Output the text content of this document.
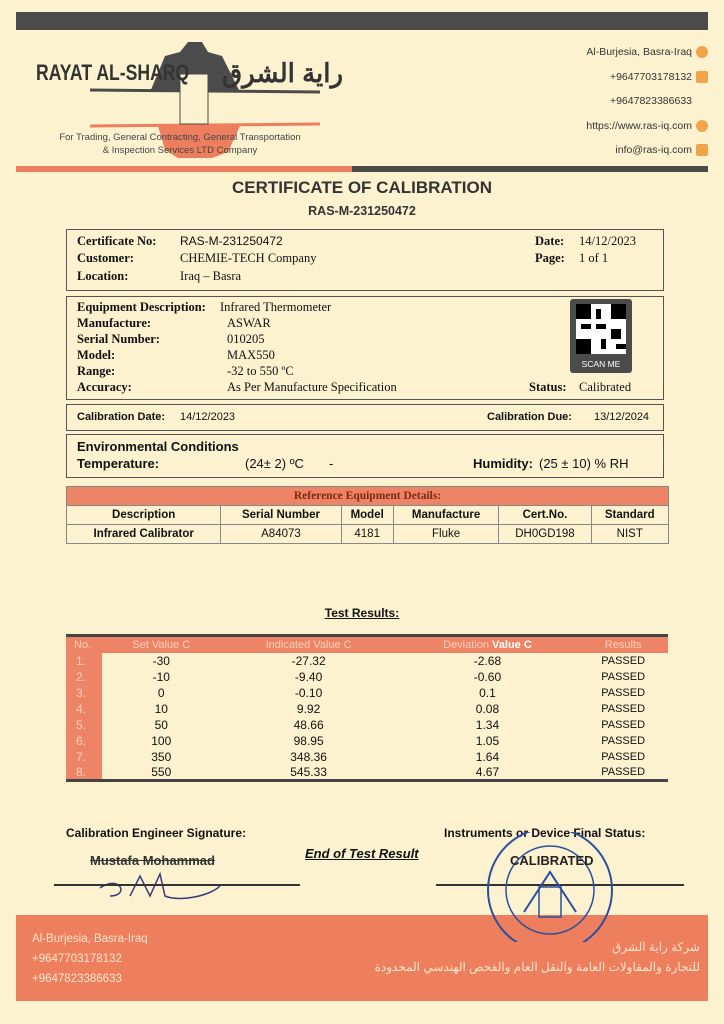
RAYAT AL-SHARQ راية الشرق
For Trading, General Contracting, General Transportation
& Inspection Services LTD Company
Al-Burjesia, Basra-Iraq
+9647703178132
+9647823386633
https://www.ras-iq.com
info@ras-iq.com
CERTIFICATE OF CALIBRATION
RAS-M-231250472
Certificate No: RAS-M-231250472
Customer:	CHEMIE-TECH Company
Location:	Iraq – Basra
Date: 14/12/2023
Page: 1 of 1
Equipment Description: Infrared Thermometer
Manufacture:	ASWAR
Serial Number:	010205
Model:	MAX550
Range:	-32 to 550 ºC
Accuracy:	As Per Manufacture Specification
SCAN ME
Status: Calibrated
Calibration Date: 14/12/2023	Calibration Due: 13/12/2024
Environmental Conditions
Temperature:	(24± 2) ºC -	Humidity: (25 ± 10) % RH
Reference Equipment Details:					
Description	Serial Number	Model	Manufacture	Cert.No.	Standard
Infrared Calibrator	A84073	4181	Fluke	DH0GD198	NIST
Test Results:
No.	Set Value C	Indicated Value C	Deviation Value C	Results
1.	-30	-27.32	-2.68	PASSED
2.	-10	-9.40	-0.60	PASSED
3.	0	-0.10	0.1	PASSED
4.	10	9.92	0.08	PASSED
5.	50	48.66	1.34	PASSED
6.	100	98.95	1.05	PASSED
7.	350	348.36	1.64	PASSED
8.	550	545.33	4.67	PASSED
Calibration Engineer Signature:
Mustafa Mohammad	End of Test Result
Instruments or Device Final Status:
Al-Burjesia, Basra-Iraq
+9647703178132
+9647823386633
شركة راية الشرق
للتجارة والمقاولات العامة والنقل العام والفحص الهندسي المحدودة
CALIBRATED
